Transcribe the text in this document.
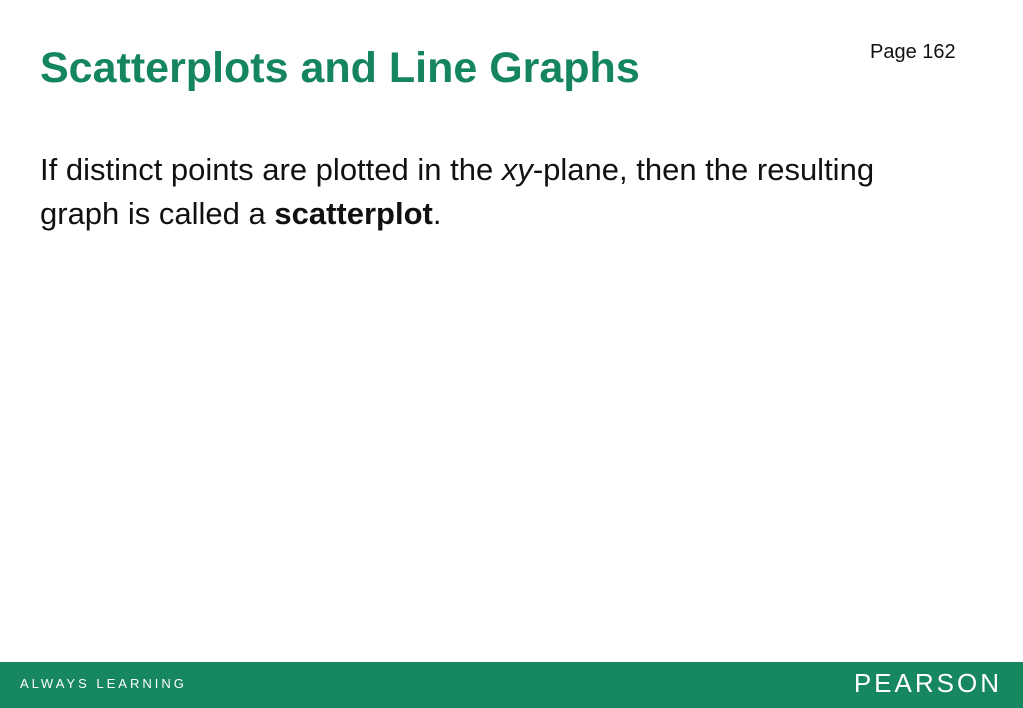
Scatterplots and Line Graphs	Page 162

If distinct points are plotted in the xy-plane, then the resulting graph is called a scatterplot.

ALWAYS LEARNING	PEARSON
